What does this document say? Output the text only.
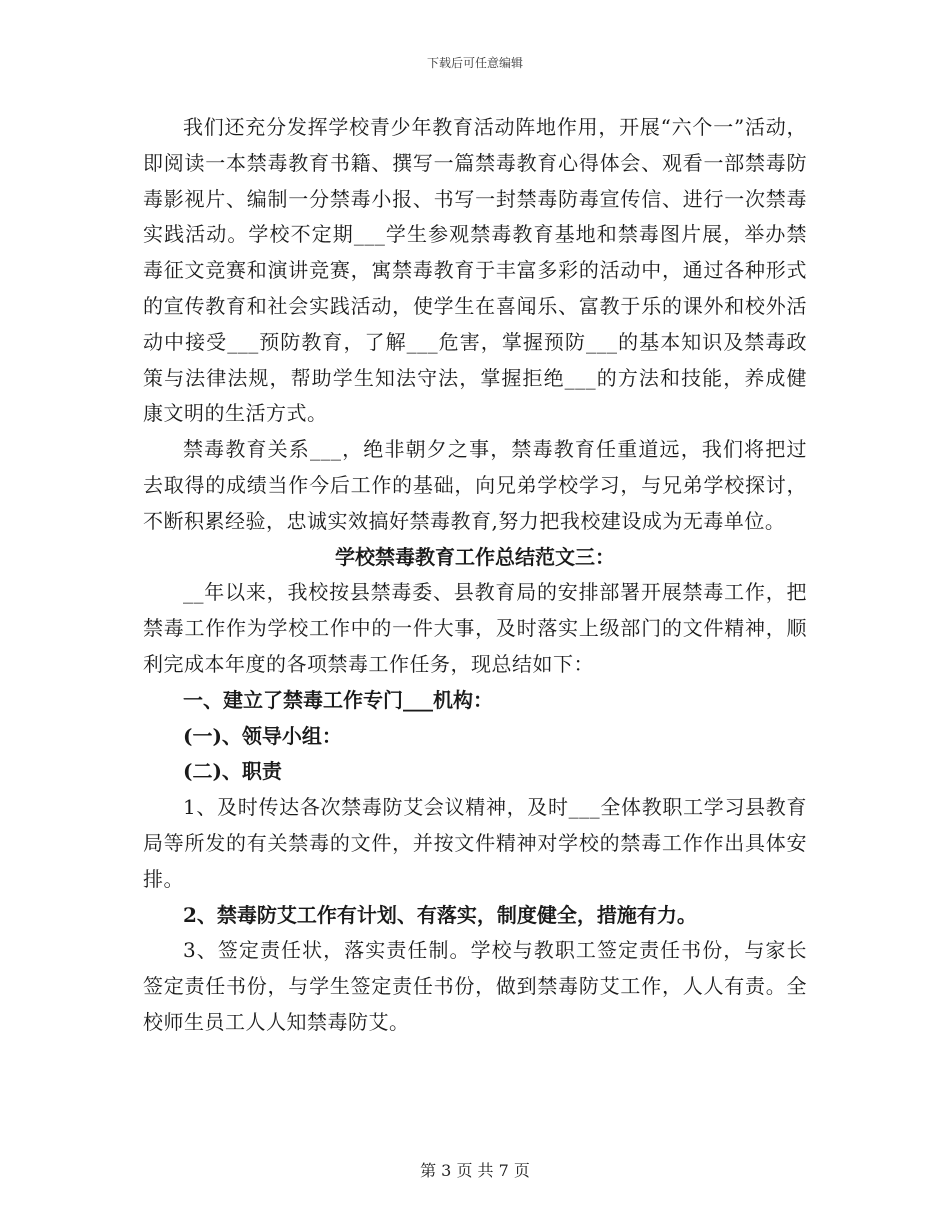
下载后可任意编辑

我们还充分发挥学校青少年教育活动阵地作用，开展“六个一”活动，即阅读一本禁毒教育书籍、撰写一篇禁毒教育心得体会、观看一部禁毒防毒影视片、编制一分禁毒小报、书写一封禁毒防毒宣传信、进行一次禁毒实践活动。学校不定期___学生参观禁毒教育基地和禁毒图片展，举办禁毒征文竞赛和演讲竞赛，寓禁毒教育于丰富多彩的活动中，通过各种形式的宣传教育和社会实践活动，使学生在喜闻乐、富教于乐的课外和校外活动中接受___预防教育，了解___危害，掌握预防___的基本知识及禁毒政策与法律法规，帮助学生知法守法，掌握拒绝___的方法和技能，养成健康文明的生活方式。

禁毒教育关系___，绝非朝夕之事，禁毒教育任重道远，我们将把过去取得的成绩当作今后工作的基础，向兄弟学校学习，与兄弟学校探讨，不断积累经验，忠诚实效搞好禁毒教育,努力把我校建设成为无毒单位。

学校禁毒教育工作总结范文三：

__年以来，我校按县禁毒委、县教育局的安排部署开展禁毒工作，把禁毒工作作为学校工作中的一件大事，及时落实上级部门的文件精神，顺利完成本年度的各项禁毒工作任务，现总结如下：

一、建立了禁毒工作专门___机构：

(一)、领导小组：

(二)、职责

1、及时传达各次禁毒防艾会议精神，及时___全体教职工学习县教育局等所发的有关禁毒的文件，并按文件精神对学校的禁毒工作作出具体安排。

2、禁毒防艾工作有计划、有落实，制度健全，措施有力。

3、签定责任状，落实责任制。学校与教职工签定责任书份，与家长签定责任书份，与学生签定责任书份，做到禁毒防艾工作，人人有责。全校师生员工人人知禁毒防艾。

第 3 页 共 7 页
